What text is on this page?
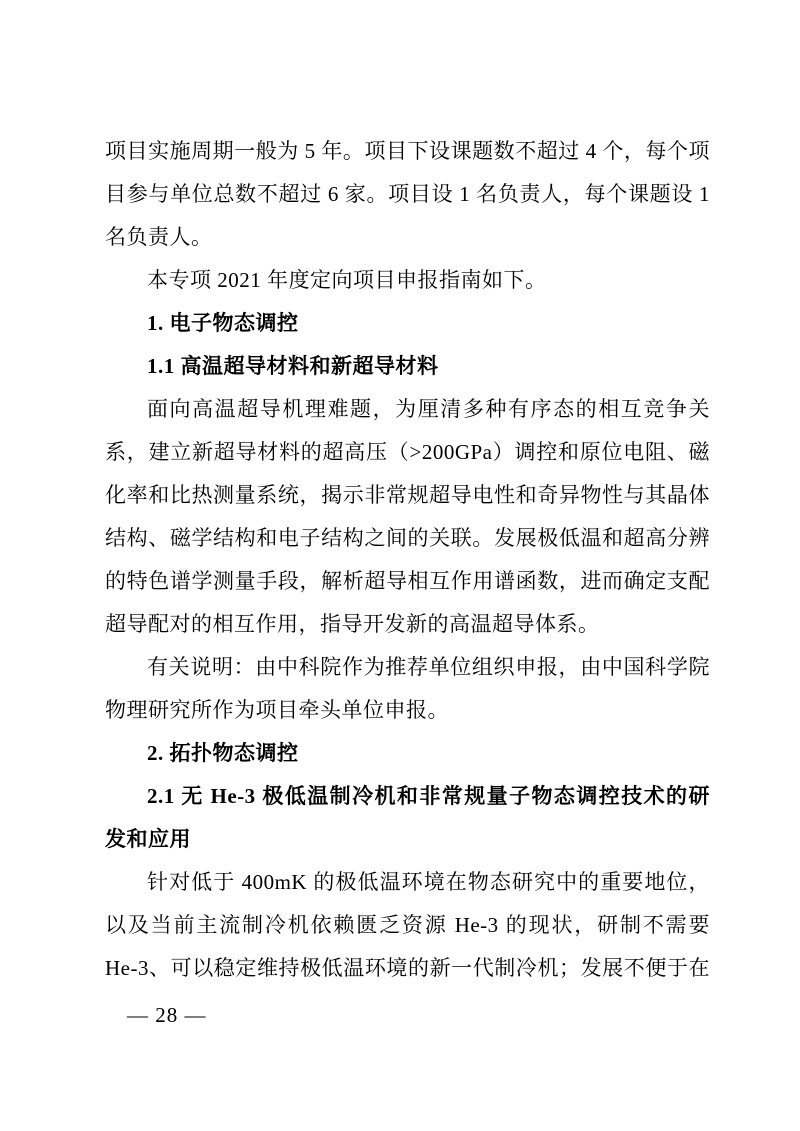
项目实施周期一般为 5 年。项目下设课题数不超过 4 个，每个项
目参与单位总数不超过 6 家。项目设 1 名负责人，每个课题设 1
名负责人。
本专项 2021 年度定向项目申报指南如下。
1. 电子物态调控
1.1 高温超导材料和新超导材料
面向高温超导机理难题，为厘清多种有序态的相互竞争关
系，建立新超导材料的超高压（>200GPa）调控和原位电阻、磁
化率和比热测量系统，揭示非常规超导电性和奇异物性与其晶体
结构、磁学结构和电子结构之间的关联。发展极低温和超高分辨
的特色谱学测量手段，解析超导相互作用谱函数，进而确定支配
超导配对的相互作用，指导开发新的高温超导体系。
有关说明：由中科院作为推荐单位组织申报，由中国科学院
物理研究所作为项目牵头单位申报。
2. 拓扑物态调控
2.1 无 He-3 极低温制冷机和非常规量子物态调控技术的研
发和应用
针对低于 400mK 的极低温环境在物态研究中的重要地位，
以及当前主流制冷机依赖匮乏资源 He-3 的现状，研制不需要
He-3、可以稳定维持极低温环境的新一代制冷机；发展不便于在
— 28 —
